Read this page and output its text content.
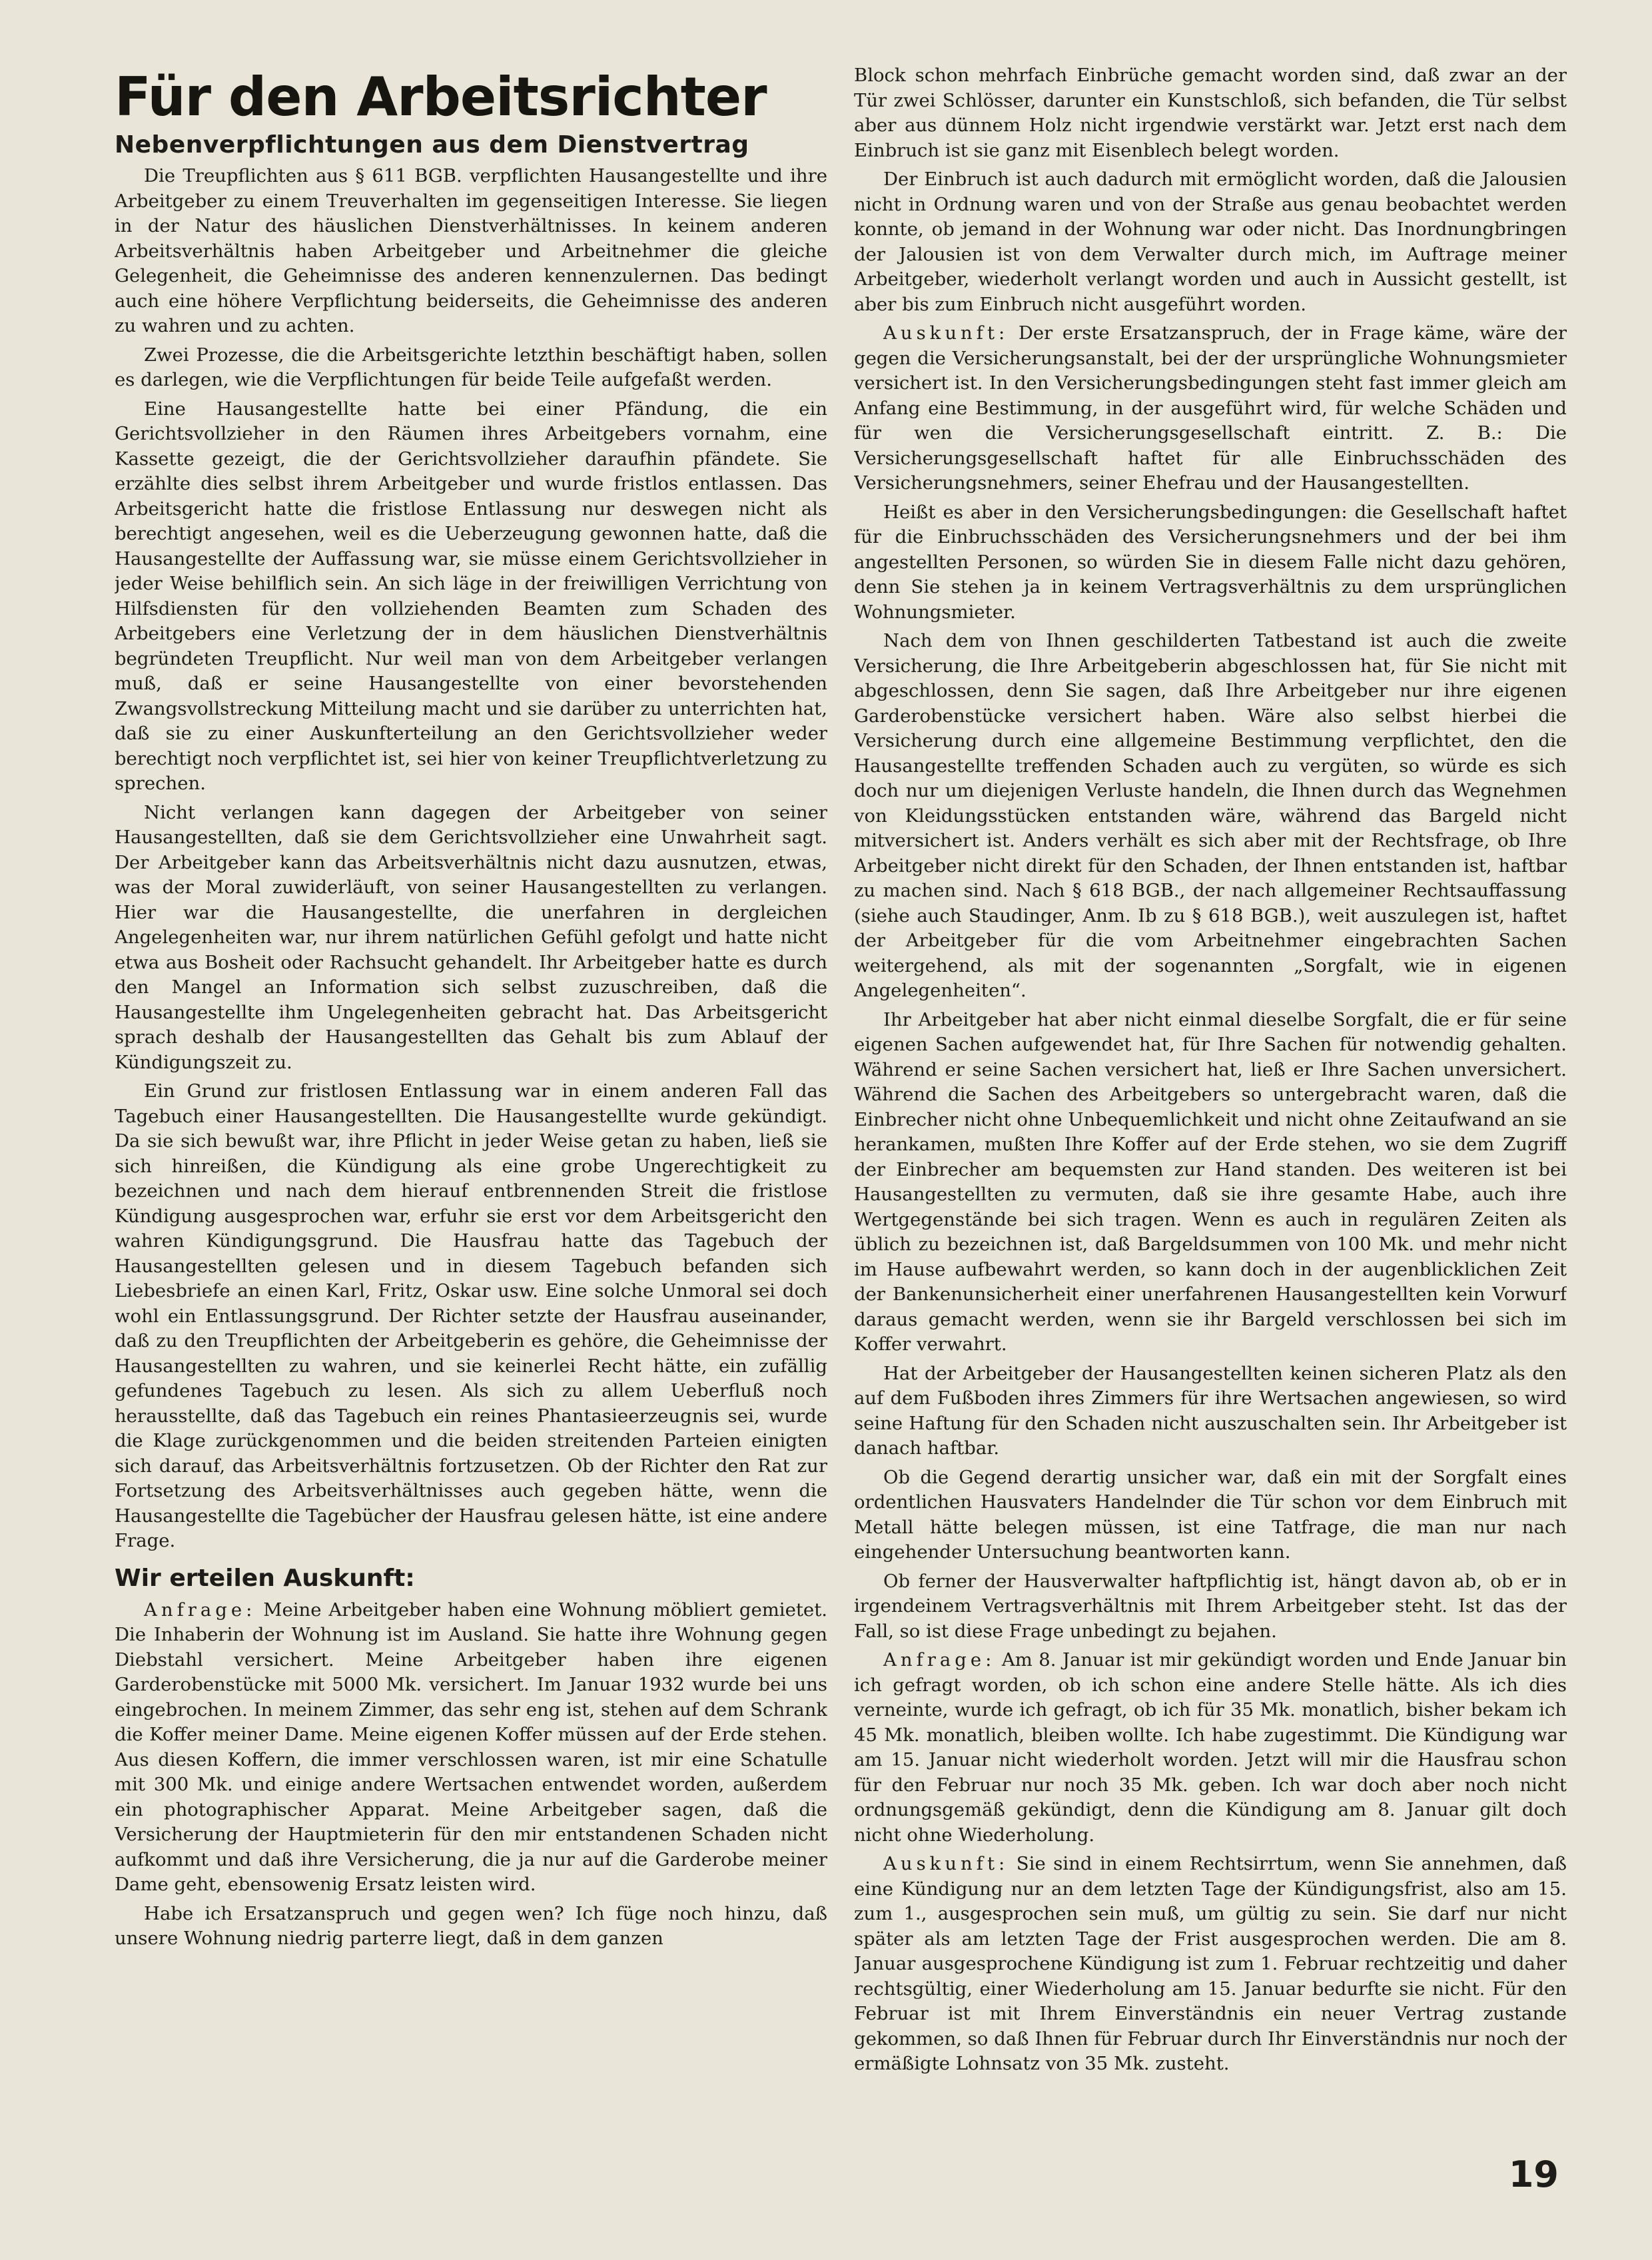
Für den Arbeitsrichter
Nebenverpflichtungen aus dem Dienstvertrag

Die Treupflichten aus § 611 BGB. verpflichten Hausangestellte und ihre Arbeitgeber zu einem Treuverhalten im gegenseitigen Interesse. Sie liegen in der Natur des häuslichen Dienstverhältnisses. In keinem anderen Arbeitsverhältnis haben Arbeitgeber und Arbeitnehmer die gleiche Gelegenheit, die Geheimnisse des anderen kennenzulernen. Das bedingt auch eine höhere Verpflichtung beiderseits, die Geheimnisse des anderen zu wahren und zu achten.

Zwei Prozesse, die die Arbeitsgerichte letzthin beschäftigt haben, sollen es darlegen, wie die Verpflichtungen für beide Teile aufgefaßt werden.

Eine Hausangestellte hatte bei einer Pfändung, die ein Gerichtsvollzieher in den Räumen ihres Arbeitgebers vornahm, eine Kassette gezeigt, die der Gerichtsvollzieher daraufhin pfändete. Sie erzählte dies selbst ihrem Arbeitgeber und wurde fristlos entlassen. Das Arbeitsgericht hatte die fristlose Entlassung nur deswegen nicht als berechtigt angesehen, weil es die Ueberzeugung gewonnen hatte, daß die Hausangestellte der Auffassung war, sie müsse einem Gerichtsvollzieher in jeder Weise behilflich sein. An sich läge in der freiwilligen Verrichtung von Hilfsdiensten für den vollziehenden Beamten zum Schaden des Arbeitgebers eine Verletzung der in dem häuslichen Dienstverhältnis begründeten Treupflicht. Nur weil man von dem Arbeitgeber verlangen muß, daß er seine Hausangestellte von einer bevorstehenden Zwangsvollstreckung Mitteilung macht und sie darüber zu unterrichten hat, daß sie zu einer Auskunfterteilung an den Gerichtsvollzieher weder berechtigt noch verpflichtet ist, sei hier von keiner Treupflichtverletzung zu sprechen.

Nicht verlangen kann dagegen der Arbeitgeber von seiner Hausangestellten, daß sie dem Gerichtsvollzieher eine Unwahrheit sagt. Der Arbeitgeber kann das Arbeitsverhältnis nicht dazu ausnutzen, etwas, was der Moral zuwiderläuft, von seiner Hausangestellten zu verlangen. Hier war die Hausangestellte, die unerfahren in dergleichen Angelegenheiten war, nur ihrem natürlichen Gefühl gefolgt und hatte nicht etwa aus Bosheit oder Rachsucht gehandelt. Ihr Arbeitgeber hatte es durch den Mangel an Information sich selbst zuzuschreiben, daß die Hausangestellte ihm Ungelegenheiten gebracht hat. Das Arbeitsgericht sprach deshalb der Hausangestellten das Gehalt bis zum Ablauf der Kündigungszeit zu.

Ein Grund zur fristlosen Entlassung war in einem anderen Fall das Tagebuch einer Hausangestellten. Die Hausangestellte wurde gekündigt. Da sie sich bewußt war, ihre Pflicht in jeder Weise getan zu haben, ließ sie sich hinreißen, die Kündigung als eine grobe Ungerechtigkeit zu bezeichnen und nach dem hierauf entbrennenden Streit die fristlose Kündigung ausgesprochen war, erfuhr sie erst vor dem Arbeitsgericht den wahren Kündigungsgrund. Die Hausfrau hatte das Tagebuch der Hausangestellten gelesen und in diesem Tagebuch befanden sich Liebesbriefe an einen Karl, Fritz, Oskar usw. Eine solche Unmoral sei doch wohl ein Entlassungsgrund. Der Richter setzte der Hausfrau auseinander, daß zu den Treupflichten der Arbeitgeberin es gehöre, die Geheimnisse der Hausangestellten zu wahren, und sie keinerlei Recht hätte, ein zufällig gefundenes Tagebuch zu lesen. Als sich zu allem Ueberfluß noch herausstellte, daß das Tagebuch ein reines Phantasieerzeugnis sei, wurde die Klage zurückgenommen und die beiden streitenden Parteien einigten sich darauf, das Arbeitsverhältnis fortzusetzen. Ob der Richter den Rat zur Fortsetzung des Arbeitsverhältnisses auch gegeben hätte, wenn die Hausangestellte die Tagebücher der Hausfrau gelesen hätte, ist eine andere Frage.

Wir erteilen Auskunft:

Anfrage: Meine Arbeitgeber haben eine Wohnung möbliert gemietet. Die Inhaberin der Wohnung ist im Ausland. Sie hatte ihre Wohnung gegen Diebstahl versichert. Meine Arbeitgeber haben ihre eigenen Garderobenstücke mit 5000 Mk. versichert. Im Januar 1932 wurde bei uns eingebrochen. In meinem Zimmer, das sehr eng ist, stehen auf dem Schrank die Koffer meiner Dame. Meine eigenen Koffer müssen auf der Erde stehen. Aus diesen Koffern, die immer verschlossen waren, ist mir eine Schatulle mit 300 Mk. und einige andere Wertsachen entwendet worden, außerdem ein photographischer Apparat. Meine Arbeitgeber sagen, daß die Versicherung der Hauptmieterin für den mir entstandenen Schaden nicht aufkommt und daß ihre Versicherung, die ja nur auf die Garderobe meiner Dame geht, ebensowenig Ersatz leisten wird.

Habe ich Ersatzanspruch und gegen wen? Ich füge noch hinzu, daß unsere Wohnung niedrig parterre liegt, daß in dem ganzen

Block schon mehrfach Einbrüche gemacht worden sind, daß zwar an der Tür zwei Schlösser, darunter ein Kunstschloß, sich befanden, die Tür selbst aber aus dünnem Holz nicht irgendwie verstärkt war. Jetzt erst nach dem Einbruch ist sie ganz mit Eisenblech belegt worden.

Der Einbruch ist auch dadurch mit ermöglicht worden, daß die Jalousien nicht in Ordnung waren und von der Straße aus genau beobachtet werden konnte, ob jemand in der Wohnung war oder nicht. Das Inordnungbringen der Jalousien ist von dem Verwalter durch mich, im Auftrage meiner Arbeitgeber, wiederholt verlangt worden und auch in Aussicht gestellt, ist aber bis zum Einbruch nicht ausgeführt worden.

Auskunft: Der erste Ersatzanspruch, der in Frage käme, wäre der gegen die Versicherungsanstalt, bei der der ursprüngliche Wohnungsmieter versichert ist. In den Versicherungsbedingungen steht fast immer gleich am Anfang eine Bestimmung, in der ausgeführt wird, für welche Schäden und für wen die Versicherungsgesellschaft eintritt. Z. B.: Die Versicherungsgesellschaft haftet für alle Einbruchsschäden des Versicherungsnehmers, seiner Ehefrau und der Hausangestellten.

Heißt es aber in den Versicherungsbedingungen: die Gesellschaft haftet für die Einbruchsschäden des Versicherungsnehmers und der bei ihm angestellten Personen, so würden Sie in diesem Falle nicht dazu gehören, denn Sie stehen ja in keinem Vertragsverhältnis zu dem ursprünglichen Wohnungsmieter.

Nach dem von Ihnen geschilderten Tatbestand ist auch die zweite Versicherung, die Ihre Arbeitgeberin abgeschlossen hat, für Sie nicht mit abgeschlossen, denn Sie sagen, daß Ihre Arbeitgeber nur ihre eigenen Garderobenstücke versichert haben. Wäre also selbst hierbei die Versicherung durch eine allgemeine Bestimmung verpflichtet, den die Hausangestellte treffenden Schaden auch zu vergüten, so würde es sich doch nur um diejenigen Verluste handeln, die Ihnen durch das Wegnehmen von Kleidungsstücken entstanden wäre, während das Bargeld nicht mitversichert ist. Anders verhält es sich aber mit der Rechtsfrage, ob Ihre Arbeitgeber nicht direkt für den Schaden, der Ihnen entstanden ist, haftbar zu machen sind. Nach § 618 BGB., der nach allgemeiner Rechtsauffassung (siehe auch Staudinger, Anm. Ib zu § 618 BGB.), weit auszulegen ist, haftet der Arbeitgeber für die vom Arbeitnehmer eingebrachten Sachen weitergehend, als mit der sogenannten „Sorgfalt, wie in eigenen Angelegenheiten“.

Ihr Arbeitgeber hat aber nicht einmal dieselbe Sorgfalt, die er für seine eigenen Sachen aufgewendet hat, für Ihre Sachen für notwendig gehalten. Während er seine Sachen versichert hat, ließ er Ihre Sachen unversichert. Während die Sachen des Arbeitgebers so untergebracht waren, daß die Einbrecher nicht ohne Unbequemlichkeit und nicht ohne Zeitaufwand an sie herankamen, mußten Ihre Koffer auf der Erde stehen, wo sie dem Zugriff der Einbrecher am bequemsten zur Hand standen. Des weiteren ist bei Hausangestellten zu vermuten, daß sie ihre gesamte Habe, auch ihre Wertgegenstände bei sich tragen. Wenn es auch in regulären Zeiten als üblich zu bezeichnen ist, daß Bargeldsummen von 100 Mk. und mehr nicht im Hause aufbewahrt werden, so kann doch in der augenblicklichen Zeit der Bankenunsicherheit einer unerfahrenen Hausangestellten kein Vorwurf daraus gemacht werden, wenn sie ihr Bargeld verschlossen bei sich im Koffer verwahrt.

Hat der Arbeitgeber der Hausangestellten keinen sicheren Platz als den auf dem Fußboden ihres Zimmers für ihre Wertsachen angewiesen, so wird seine Haftung für den Schaden nicht auszuschalten sein. Ihr Arbeitgeber ist danach haftbar.

Ob die Gegend derartig unsicher war, daß ein mit der Sorgfalt eines ordentlichen Hausvaters Handelnder die Tür schon vor dem Einbruch mit Metall hätte belegen müssen, ist eine Tatfrage, die man nur nach eingehender Untersuchung beantworten kann.

Ob ferner der Hausverwalter haftpflichtig ist, hängt davon ab, ob er in irgendeinem Vertragsverhältnis mit Ihrem Arbeitgeber steht. Ist das der Fall, so ist diese Frage unbedingt zu bejahen.

Anfrage: Am 8. Januar ist mir gekündigt worden und Ende Januar bin ich gefragt worden, ob ich schon eine andere Stelle hätte. Als ich dies verneinte, wurde ich gefragt, ob ich für 35 Mk. monatlich, bisher bekam ich 45 Mk. monatlich, bleiben wollte. Ich habe zugestimmt. Die Kündigung war am 15. Januar nicht wiederholt worden. Jetzt will mir die Hausfrau schon für den Februar nur noch 35 Mk. geben. Ich war doch aber noch nicht ordnungsgemäß gekündigt, denn die Kündigung am 8. Januar gilt doch nicht ohne Wiederholung.

Auskunft: Sie sind in einem Rechtsirrtum, wenn Sie annehmen, daß eine Kündigung nur an dem letzten Tage der Kündigungsfrist, also am 15. zum 1., ausgesprochen sein muß, um gültig zu sein. Sie darf nur nicht später als am letzten Tage der Frist ausgesprochen werden. Die am 8. Januar ausgesprochene Kündigung ist zum 1. Februar rechtzeitig und daher rechtsgültig, einer Wiederholung am 15. Januar bedurfte sie nicht. Für den Februar ist mit Ihrem Einverständnis ein neuer Vertrag zustande gekommen, so daß Ihnen für Februar durch Ihr Einverständnis nur noch der ermäßigte Lohnsatz von 35 Mk. zusteht.

19
